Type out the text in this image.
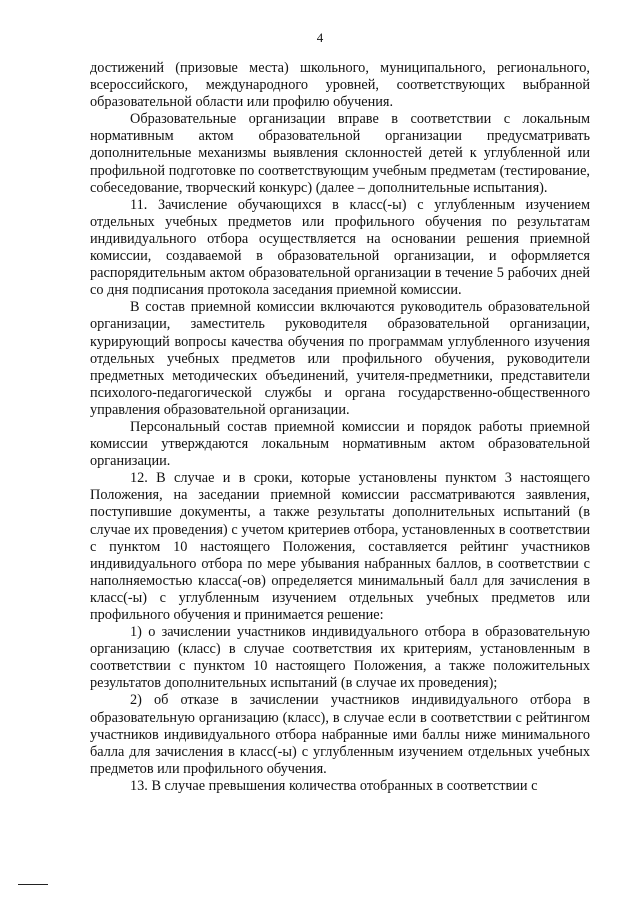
4

достижений (призовые места) школьного, муниципального, регионального, всероссийского, международного уровней, соответствующих выбранной образовательной области или профилю обучения.

Образовательные организации вправе в соответствии с локальным нормативным актом образовательной организации предусматривать дополнительные механизмы выявления склонностей детей к углубленной или профильной подготовке по соответствующим учебным предметам (тестирование, собеседование, творческий конкурс) (далее – дополнительные испытания).

11. Зачисление обучающихся в класс(-ы) с углубленным изучением отдельных учебных предметов или профильного обучения по результатам индивидуального отбора осуществляется на основании решения приемной комиссии, создаваемой в образовательной организации, и оформляется распорядительным актом образовательной организации в течение 5 рабочих дней со дня подписания протокола заседания приемной комиссии.

В состав приемной комиссии включаются руководитель образовательной организации, заместитель руководителя образовательной организации, курирующий вопросы качества обучения по программам углубленного изучения отдельных учебных предметов или профильного обучения, руководители предметных методических объединений, учителя-предметники, представители психолого-педагогической службы и органа государственно-общественного управления образовательной организации.

Персональный состав приемной комиссии и порядок работы приемной комиссии утверждаются локальным нормативным актом образовательной организации.

12. В случае и в сроки, которые установлены пунктом 3 настоящего Положения, на заседании приемной комиссии рассматриваются заявления, поступившие документы, а также результаты дополнительных испытаний (в случае их проведения) с учетом критериев отбора, установленных в соответствии с пунктом 10 настоящего Положения, составляется рейтинг участников индивидуального отбора по мере убывания набранных баллов, в соответствии с наполняемостью класса(-ов) определяется минимальный балл для зачисления в класс(-ы) с углубленным изучением отдельных учебных предметов или профильного обучения и принимается решение:

1) о зачислении участников индивидуального отбора в образовательную организацию (класс) в случае соответствия их критериям, установленным в соответствии с пунктом 10 настоящего Положения, а также положительных результатов дополнительных испытаний (в случае их проведения);

2) об отказе в зачислении участников индивидуального отбора в образовательную организацию (класс), в случае если в соответствии с рейтингом участников индивидуального отбора набранные ими баллы ниже минимального балла для зачисления в класс(-ы) с углубленным изучением отдельных учебных предметов или профильного обучения.

13. В случае превышения количества отобранных в соответствии с
